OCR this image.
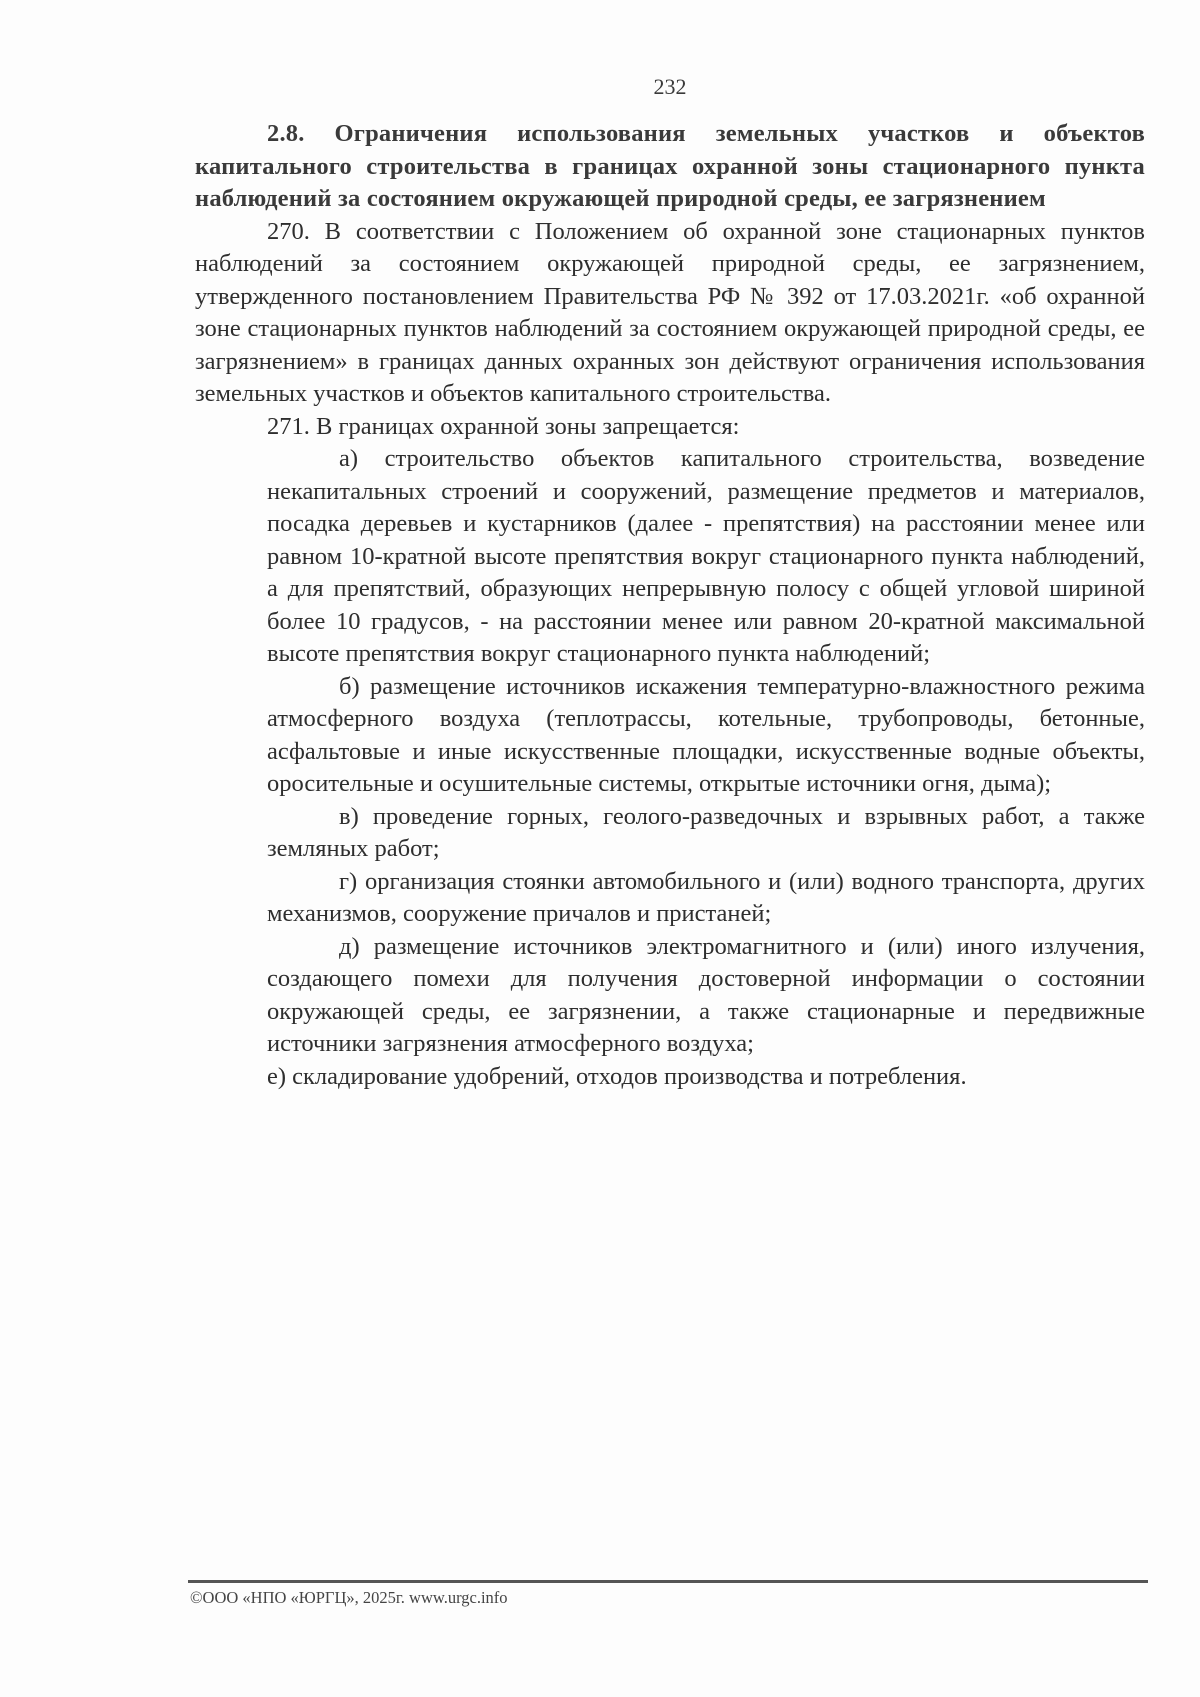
232

2.8. Ограничения использования земельных участков и объектов капитального строительства в границах охранной зоны стационарного пункта наблюдений за состоянием окружающей природной среды, ее загрязнением

270. В соответствии с Положением об охранной зоне стационарных пунктов наблюдений за состоянием окружающей природной среды, ее загрязнением, утвержденного постановлением Правительства РФ № 392 от 17.03.2021г. «об охранной зоне стационарных пунктов наблюдений за состоянием окружающей природной среды, ее загрязнением» в границах данных охранных зон действуют ограничения использования земельных участков и объектов капитального строительства.

271. В границах охранной зоны запрещается:

а) строительство объектов капитального строительства, возведение некапитальных строений и сооружений, размещение предметов и материалов, посадка деревьев и кустарников (далее - препятствия) на расстоянии менее или равном 10-кратной высоте препятствия вокруг стационарного пункта наблюдений, а для препятствий, образующих непрерывную полосу с общей угловой шириной более 10 градусов, - на расстоянии менее или равном 20-кратной максимальной высоте препятствия вокруг стационарного пункта наблюдений;

б) размещение источников искажения температурно-влажностного режима атмосферного воздуха (теплотрассы, котельные, трубопроводы, бетонные, асфальтовые и иные искусственные площадки, искусственные водные объекты, оросительные и осушительные системы, открытые источники огня, дыма);

в) проведение горных, геолого-разведочных и взрывных работ, а также земляных работ;

г) организация стоянки автомобильного и (или) водного транспорта, других механизмов, сооружение причалов и пристаней;

д) размещение источников электромагнитного и (или) иного излучения, создающего помехи для получения достоверной информации о состоянии окружающей среды, ее загрязнении, а также стационарные и передвижные источники загрязнения атмосферного воздуха;

е) складирование удобрений, отходов производства и потребления.

©ООО «НПО «ЮРГЦ», 2025г. www.urgc.info
